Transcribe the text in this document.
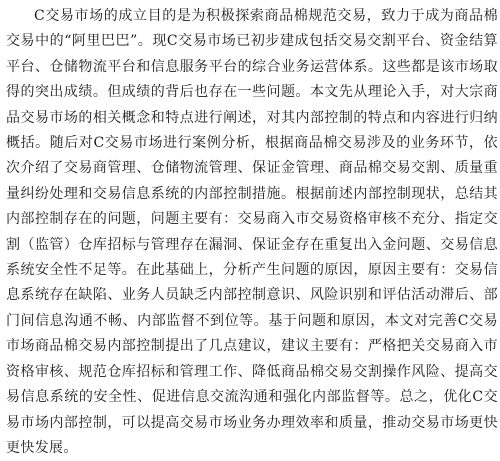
C交易市场的成立目的是为积极探索商品棉规范交易，致力于成为商品棉交易中的“阿里巴巴”。现C交易市场已初步建成包括交易交割平台、资金结算平台、仓储物流平台和信息服务平台的综合业务运营体系。这些都是该市场取得的突出成绩。但成绩的背后也存在一些问题。本文先从理论入手，对大宗商品交易市场的相关概念和特点进行阐述，对其内部控制的特点和内容进行归纳概括。随后对C交易市场进行案例分析，根据商品棉交易涉及的业务环节，依次介绍了交易商管理、仓储物流管理、保证金管理、商品棉交易交割、质量重量纠纷处理和交易信息系统的内部控制措施。根据前述内部控制现状，总结其内部控制存在的问题，问题主要有：交易商入市交易资格审核不充分、指定交割（监管）仓库招标与管理存在漏洞、保证金存在重复出入金问题、交易信息系统安全性不足等。在此基础上，分析产生问题的原因，原因主要有：交易信息系统存在缺陷、业务人员缺乏内部控制意识、风险识别和评估活动滞后、部门间信息沟通不畅、内部监督不到位等。基于问题和原因，本文对完善C交易市场商品棉交易内部控制提出了几点建议，建议主要有：严格把关交易商入市资格审核、规范仓库招标和管理工作、降低商品棉交易交割操作风险、提高交易信息系统的安全性、促进信息交流沟通和强化内部监督等。总之，优化C交易市场内部控制，可以提高交易市场业务办理效率和质量，推动交易市场更快更快发展。
